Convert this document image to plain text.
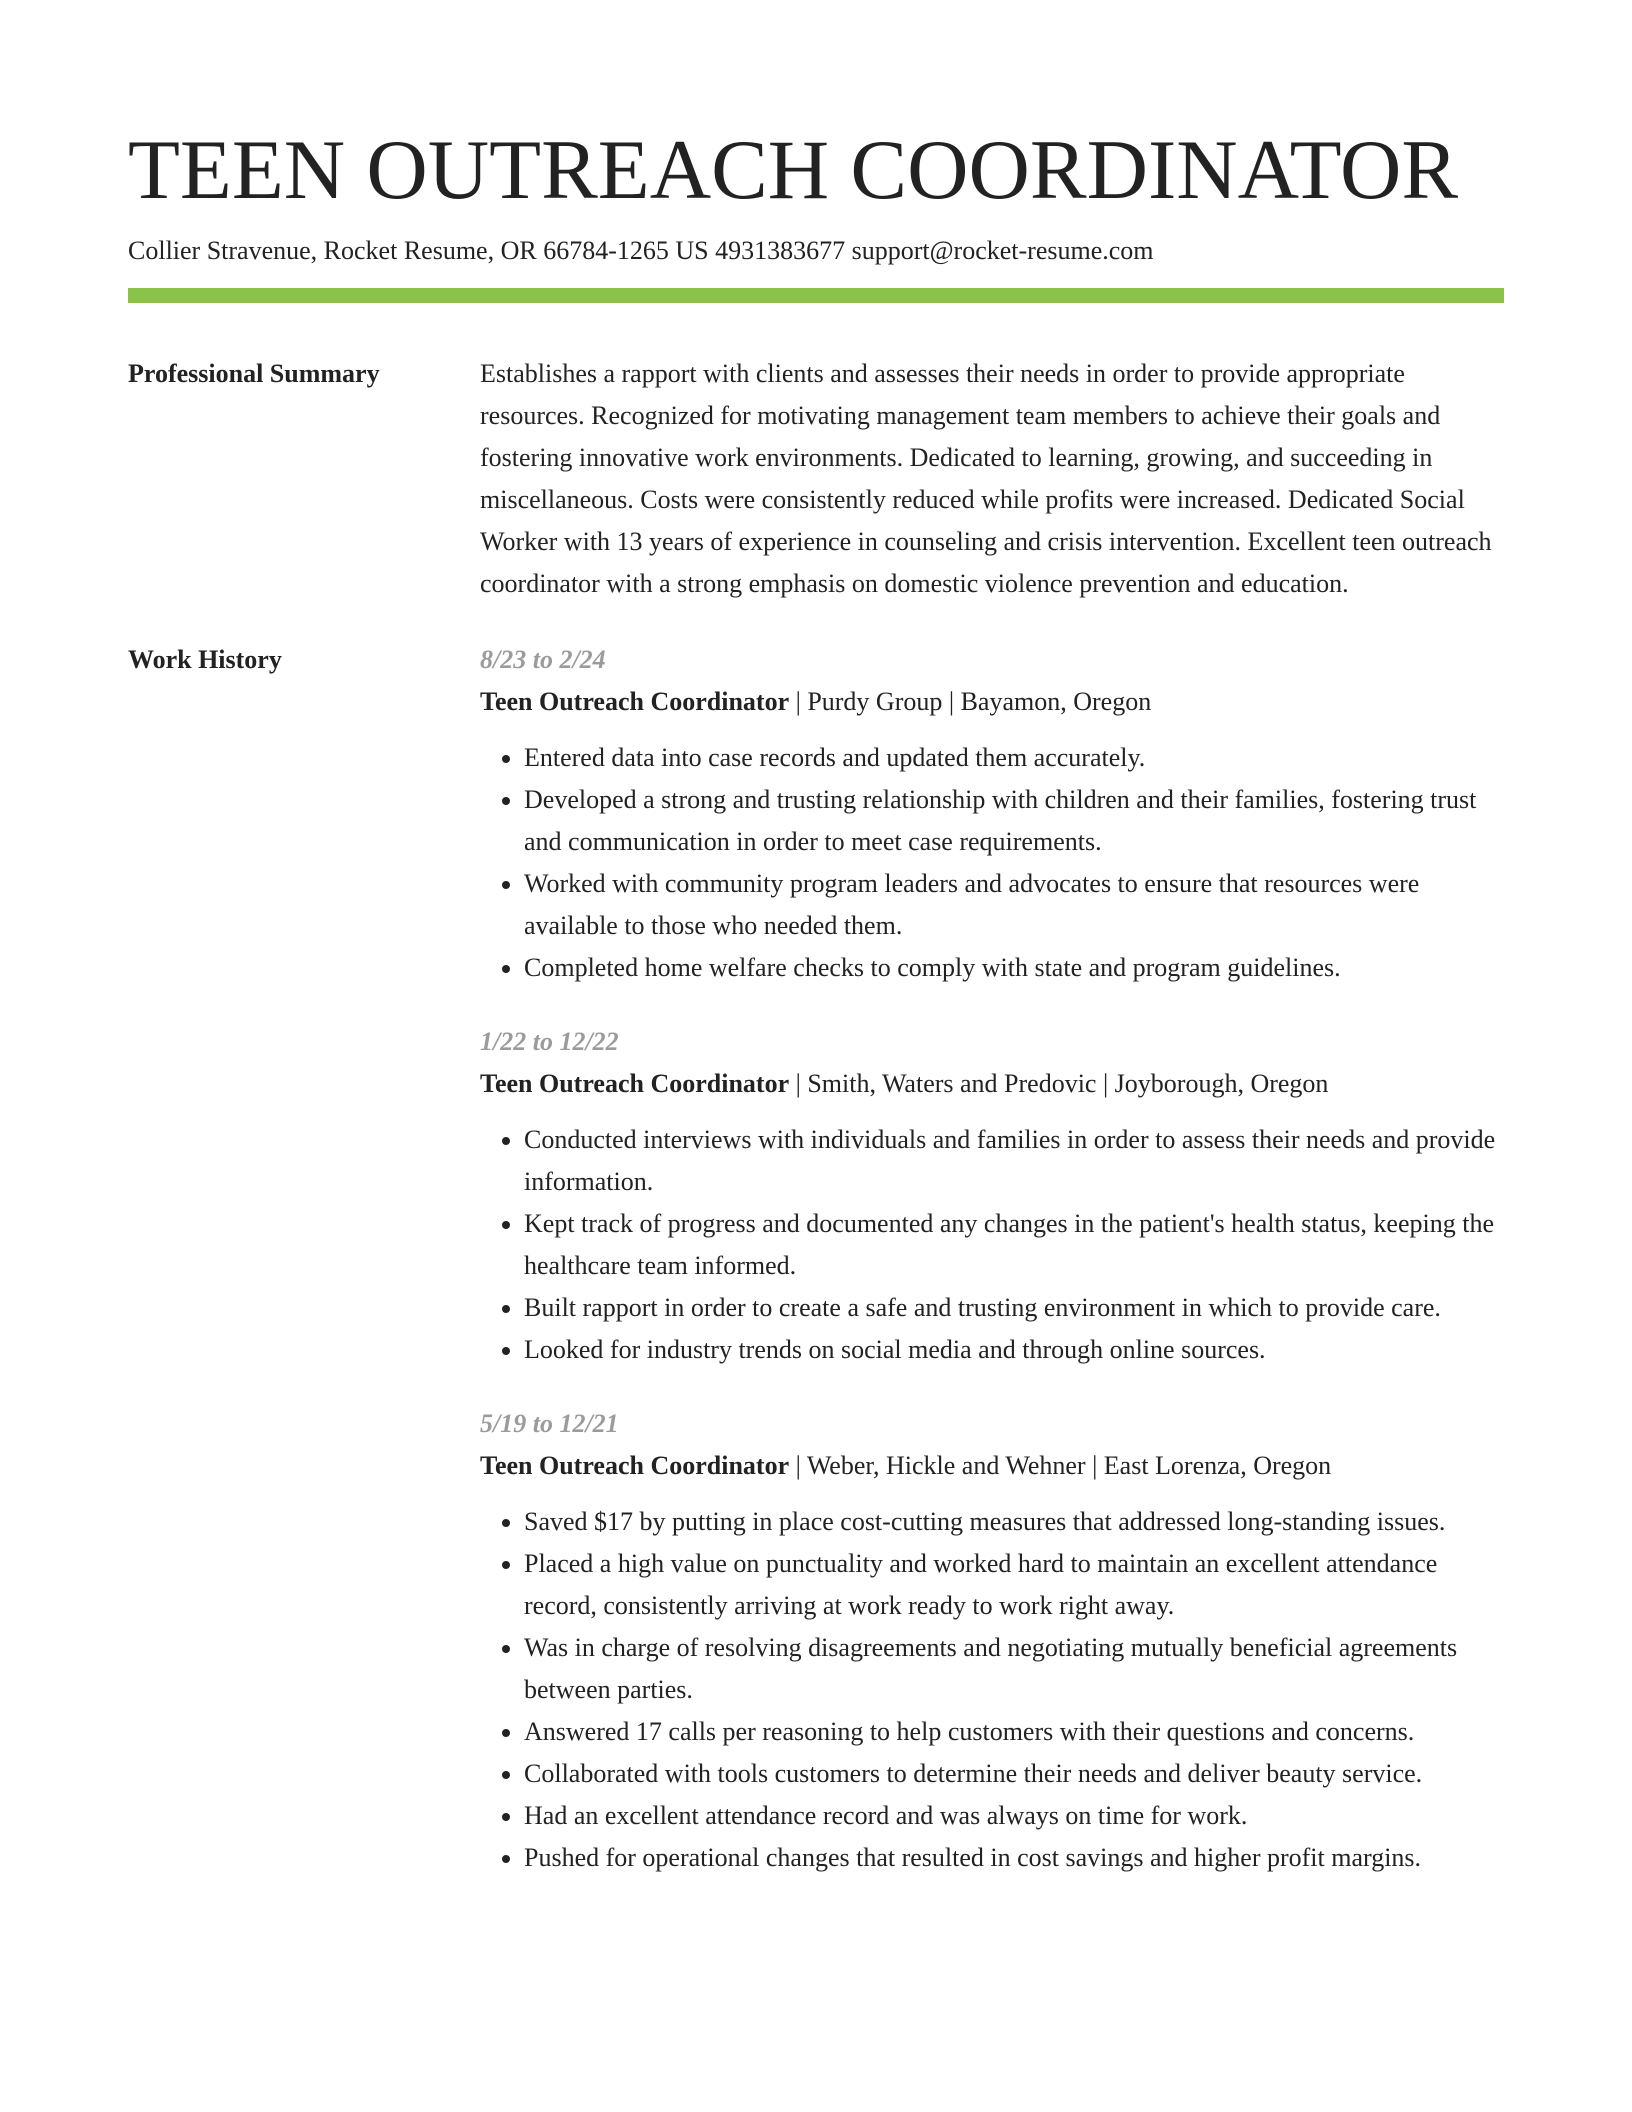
TEEN OUTREACH COORDINATOR
Collier Stravenue, Rocket Resume, OR 66784-1265 US 4931383677 support@rocket-resume.com
Professional Summary	Establishes a rapport with clients and assesses their needs in order to provide appropriate resources. Recognized for motivating management team members to achieve their goals and fostering innovative work environments. Dedicated to learning, growing, and succeeding in miscellaneous. Costs were consistently reduced while profits were increased. Dedicated Social Worker with 13 years of experience in counseling and crisis intervention. Excellent teen outreach coordinator with a strong emphasis on domestic violence prevention and education.

Work History	8/23 to 2/24
Teen Outreach Coordinator | Purdy Group | Bayamon, Oregon
• Entered data into case records and updated them accurately.
• Developed a strong and trusting relationship with children and their families, fostering trust and communication in order to meet case requirements.
• Worked with community program leaders and advocates to ensure that resources were available to those who needed them.
• Completed home welfare checks to comply with state and program guidelines.
1/22 to 12/22
Teen Outreach Coordinator | Smith, Waters and Predovic | Joyborough, Oregon
• Conducted interviews with individuals and families in order to assess their needs and provide information.
• Kept track of progress and documented any changes in the patient's health status, keeping the healthcare team informed.
• Built rapport in order to create a safe and trusting environment in which to provide care.
• Looked for industry trends on social media and through online sources.
5/19 to 12/21
Teen Outreach Coordinator | Weber, Hickle and Wehner | East Lorenza, Oregon
• Saved $17 by putting in place cost-cutting measures that addressed long-standing issues.
• Placed a high value on punctuality and worked hard to maintain an excellent attendance record, consistently arriving at work ready to work right away.
• Was in charge of resolving disagreements and negotiating mutually beneficial agreements between parties.
• Answered 17 calls per reasoning to help customers with their questions and concerns.
• Collaborated with tools customers to determine their needs and deliver beauty service.
• Had an excellent attendance record and was always on time for work.
• Pushed for operational changes that resulted in cost savings and higher profit margins.
